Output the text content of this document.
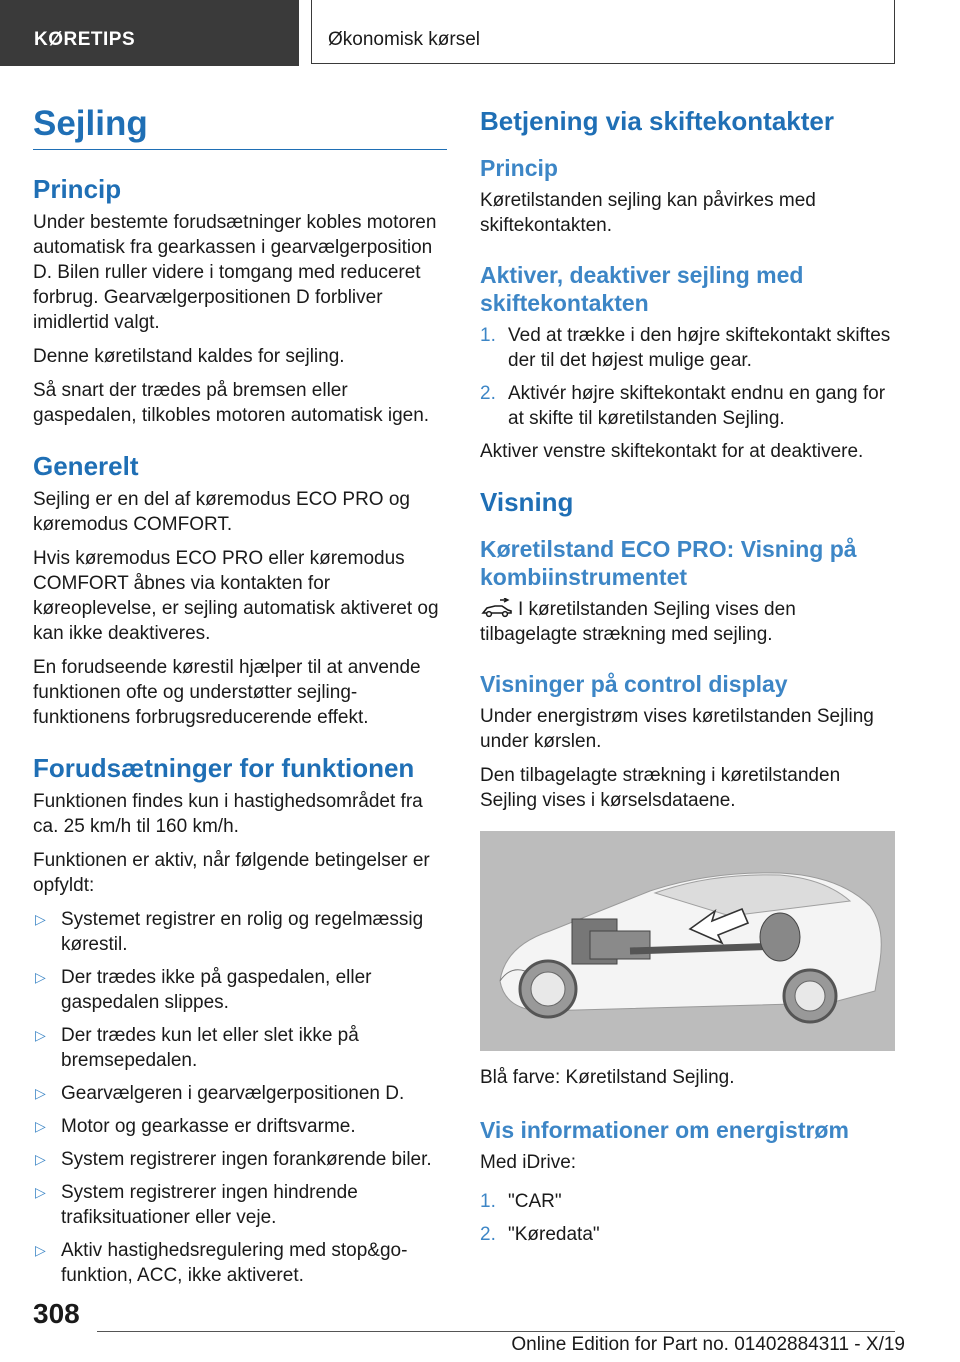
KØRETIPS	Økonomisk kørsel
Sejling
Princip

Under bestemte forudsætninger kobles motoren automatisk fra gearkassen i gearvælgerposition D. Bilen ruller videre i tomgang med reduceret forbrug. Gearvælgerpositionen D forbliver imidlertid valgt.

Denne køretilstand kaldes for sejling.

Så snart der trædes på bremsen eller gaspedalen, tilkobles motoren automatisk igen.

Generelt

Sejling er en del af køremodus ECO PRO og køremodus COMFORT.

Hvis køremodus ECO PRO eller køremodus COMFORT åbnes via kontakten for køreoplevelse, er sejling automatisk aktiveret og kan ikke deaktiveres.

En forudseende kørestil hjælper til at anvende funktionen ofte og understøtter sejling-funktionens forbrugsreducerende effekt.

Forudsætninger for funktionen

Funktionen findes kun i hastighedsområdet fra ca. 25 km/h til 160 km/h.

Funktionen er aktiv, når følgende betingelser er opfyldt:

▷ Systemet registrer en rolig og regelmæssig kørestil.
▷ Der trædes ikke på gaspedalen, eller gaspedalen slippes.
▷ Der trædes kun let eller slet ikke på bremsepedalen.
▷ Gearvælgeren i gearvælgerpositionen D.
▷ Motor og gearkasse er driftsvarme.
▷ System registrerer ingen forankørende biler.
▷ System registrerer ingen hindrende trafiksituationer eller veje.
▷ Aktiv hastighedsregulering med stop&go-funktion, ACC, ikke aktiveret.
Betjening via skiftekontakter
Princip

Køretilstanden sejling kan påvirkes med skiftekontakten.

Aktiver, deaktiver sejling med skiftekontakten
1. Ved at trække i den højre skiftekontakt skiftes der til det højest mulige gear.
2. Aktivér højre skiftekontakt endnu en gang for at skifte til køretilstanden Sejling.

Aktiver venstre skiftekontakt for at deaktivere.

Visning
Køretilstand ECO PRO: Visning på kombiinstrumentet

I køretilstanden Sejling vises den tilbagelagte strækning med sejling.

Visninger på control display

Under energistrøm vises køretilstanden Sejling under kørslen.

Den tilbagelagte strækning i køretilstanden Sejling vises i kørselsdataene.

Blå farve: Køretilstand Sejling.

Vis informationer om energistrøm

Med iDrive:

1. "CAR"
2. "Køredata"
308
Online Edition for Part no. 01402884311 - X/19
